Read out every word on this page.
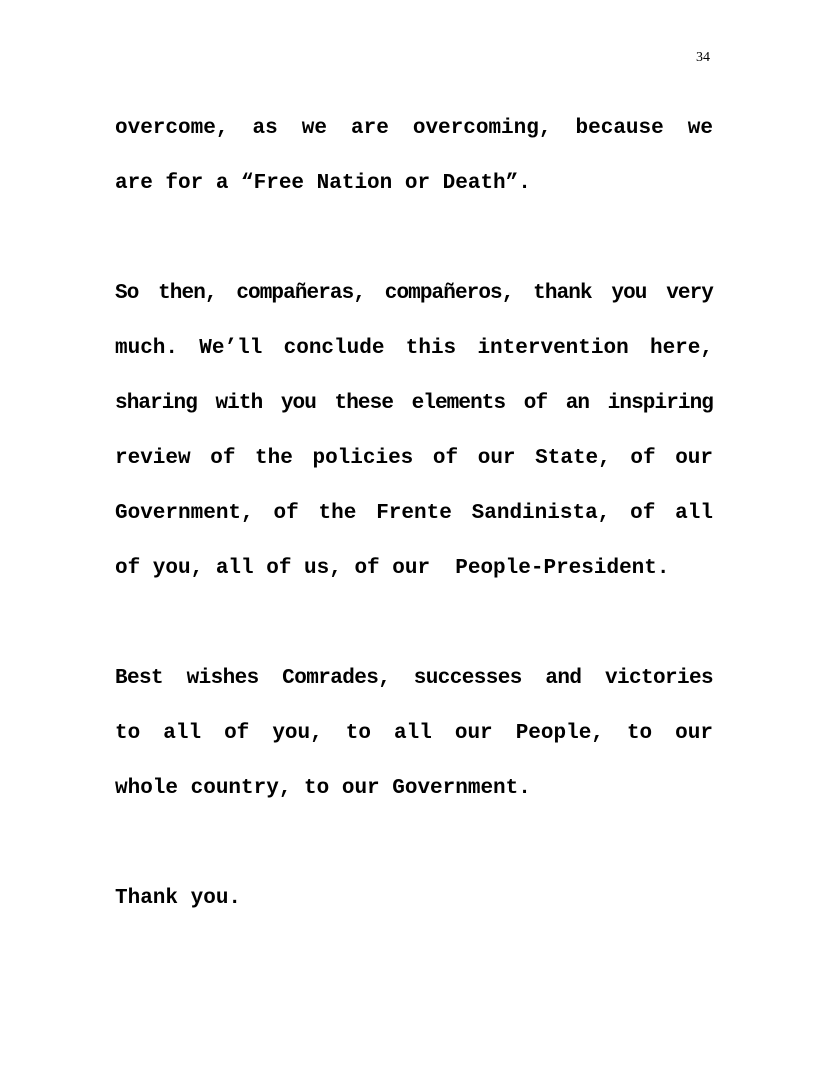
34
overcome, as we are overcoming, because we
are for a “Free Nation or Death”.
So then, compañeras, compañeros, thank you very
much. We’ll conclude this intervention here,
sharing with you these elements of an inspiring
review of the policies of our State, of our
Government, of the Frente Sandinista, of all
of you, all of us, of our  People-President.
Best wishes Comrades, successes and victories
to all of you, to all our People, to our
whole country, to our Government.
Thank you.
